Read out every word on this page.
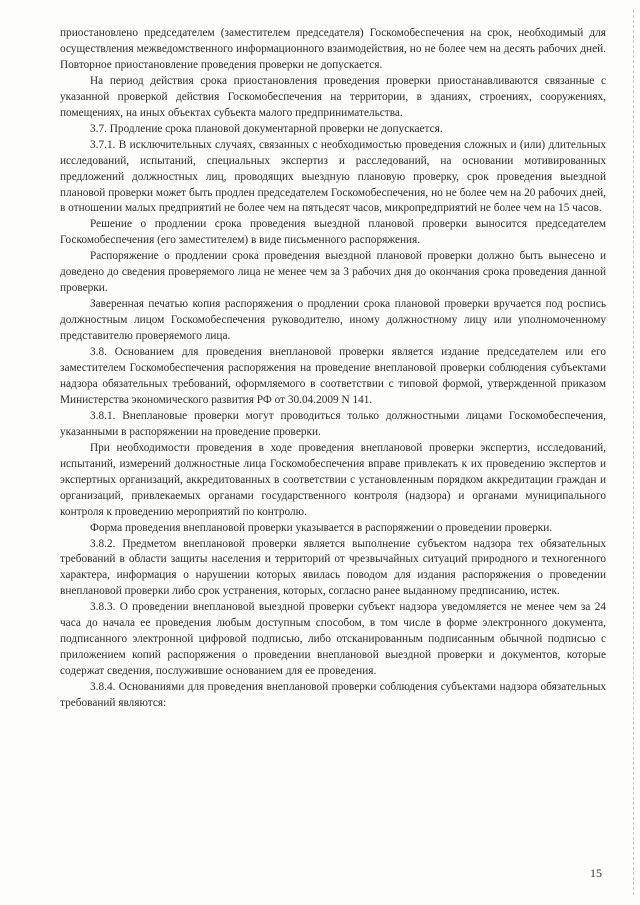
приостановлено председателем (заместителем председателя) Госкомобеспечения на срок, необходимый для осуществления межведомственного информационного взаимодействия, но не более чем на десять рабочих дней. Повторное приостановление проведения проверки не допускается.

На период действия срока приостановления проведения проверки приостанавливаются связанные с указанной проверкой действия Госкомобеспечения на территории, в зданиях, строениях, сооружениях, помещениях, на иных объектах субъекта малого предпринимательства.

3.7. Продление срока плановой документарной проверки не допускается.

3.7.1. В исключительных случаях, связанных с необходимостью проведения сложных и (или) длительных исследований, испытаний, специальных экспертиз и расследований, на основании мотивированных предложений должностных лиц, проводящих выездную плановую проверку, срок проведения выездной плановой проверки может быть продлен председателем Госкомобеспечения, но не более чем на 20 рабочих дней, в отношении малых предприятий не более чем на пятьдесят часов, микропредприятий не более чем на 15 часов.

Решение о продлении срока проведения выездной плановой проверки выносится председателем Госкомобеспечения (его заместителем) в виде письменного распоряжения.

Распоряжение о продлении срока проведения выездной плановой проверки должно быть вынесено и доведено до сведения проверяемого лица не менее чем за 3 рабочих дня до окончания срока проведения данной проверки.

Заверенная печатью копия распоряжения о продлении срока плановой проверки вручается под роспись должностным лицом Госкомобеспечения руководителю, иному должностному лицу или уполномоченному представителю проверяемого лица.

3.8. Основанием для проведения внеплановой проверки является издание председателем или его заместителем Госкомобеспечения распоряжения на проведение внеплановой проверки соблюдения субъектами надзора обязательных требований, оформляемого в соответствии с типовой формой, утвержденной приказом Министерства экономического развития РФ от 30.04.2009 N 141.

3.8.1. Внеплановые проверки могут проводиться только должностными лицами Госкомобеспечения, указанными в распоряжении на проведение проверки.

При необходимости проведения в ходе проведения внеплановой проверки экспертиз, исследований, испытаний, измерений должностные лица Госкомобеспечения вправе привлекать к их проведению экспертов и экспертных организаций, аккредитованных в соответствии с установленным порядком аккредитации граждан и организаций, привлекаемых органами государственного контроля (надзора) и органами муниципального контроля к проведению мероприятий по контролю.

Форма проведения внеплановой проверки указывается в распоряжении о проведении проверки.

3.8.2. Предметом внеплановой проверки является выполнение субъектом надзора тех обязательных требований в области защиты населения и территорий от чрезвычайных ситуаций природного и техногенного характера, информация о нарушении которых явилась поводом для издания распоряжения о проведении внеплановой проверки либо срок устранения, которых, согласно ранее выданному предписанию, истек.

3.8.3. О проведении внеплановой выездной проверки субъект надзора уведомляется не менее чем за 24 часа до начала ее проведения любым доступным способом, в том числе в форме электронного документа, подписанного электронной цифровой подписью, либо отсканированным подписанным обычной подписью с приложением копий распоряжения о проведении внеплановой выездной проверки и документов, которые содержат сведения, послужившие основанием для ее проведения.

3.8.4. Основаниями для проведения внеплановой проверки соблюдения субъектами надзора обязательных требований являются:

15
